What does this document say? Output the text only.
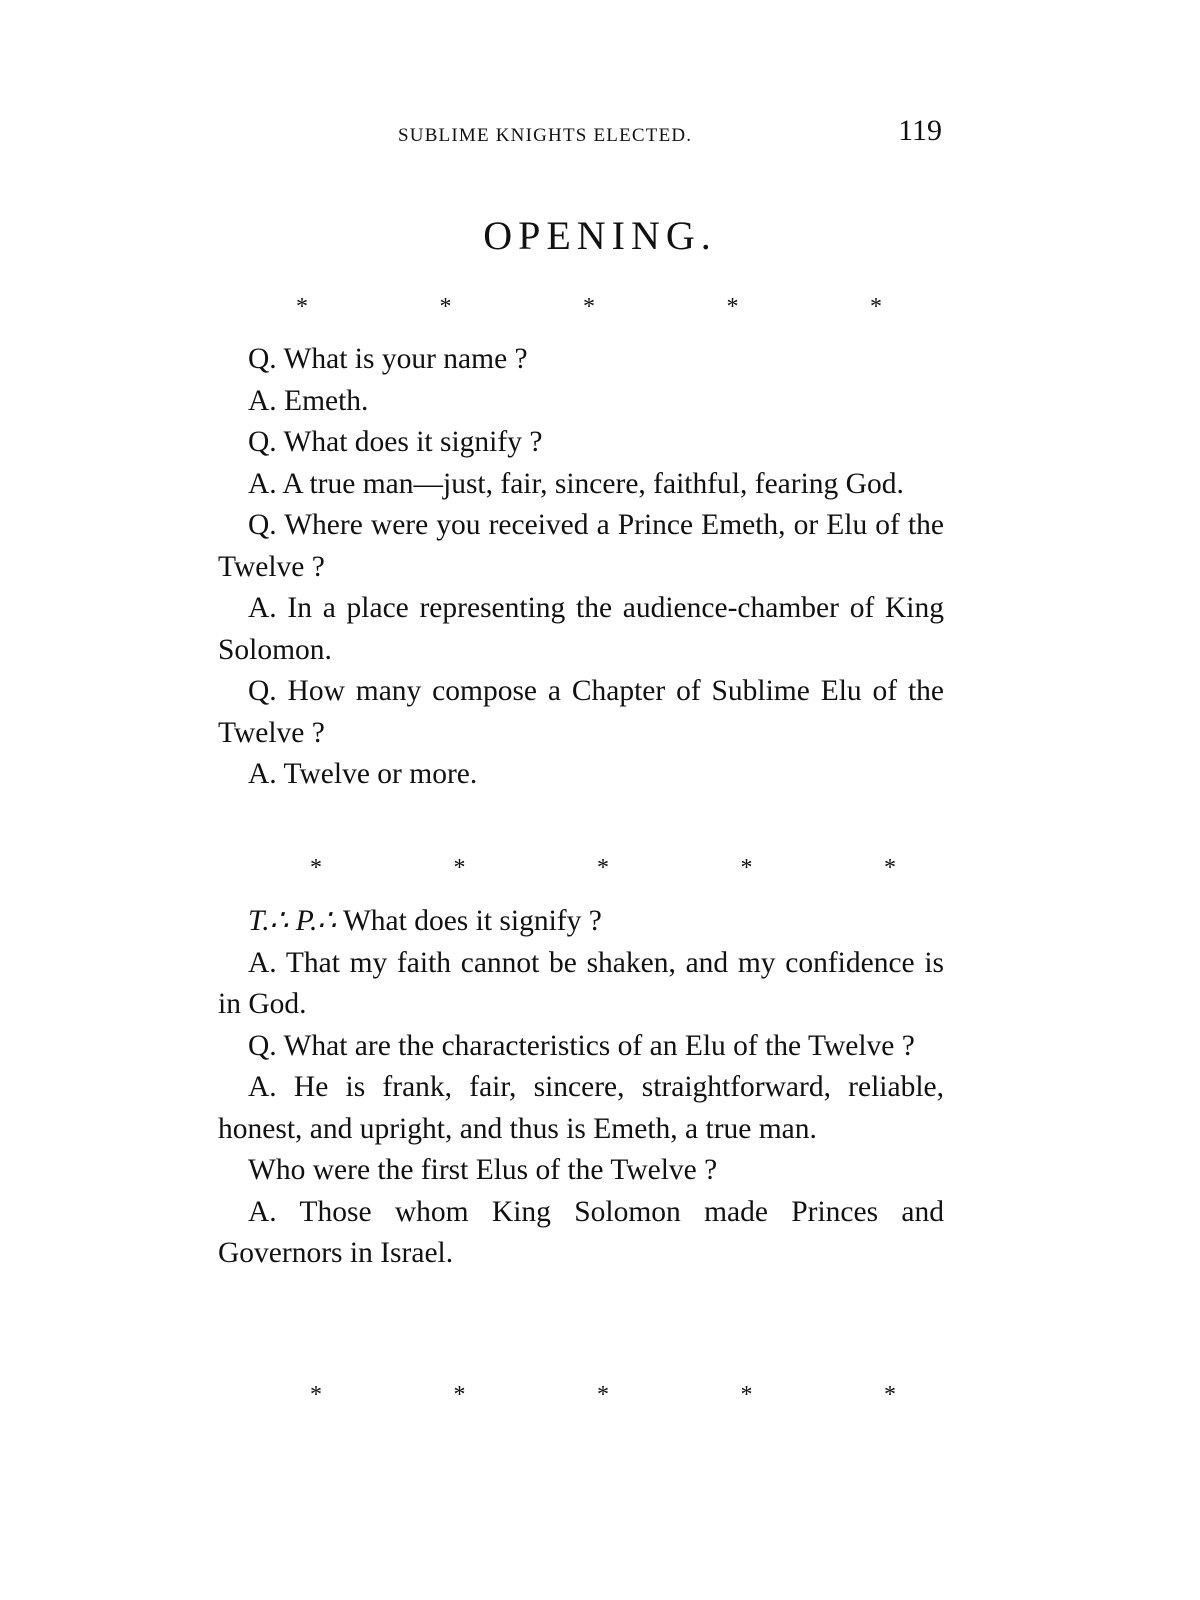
SUBLIME KNIGHTS ELECTED.	119
OPENING.
*	*	*	*	*

Q. What is your name ?

A. Emeth.

Q. What does it signify ?

A. A true man—just, fair, sincere, faithful, fearing God.

Q. Where were you received a Prince Emeth, or Elu of the Twelve ?

A. In a place representing the audience-chamber of King Solomon.

Q. How many compose a Chapter of Sublime Elu of the Twelve ?

A. Twelve or more.

*	*	*	*	*

T.∴ P.∴ What does it signify ?

A. That my faith cannot be shaken, and my confidence is in God.

Q. What are the characteristics of an Elu of the Twelve ?

A. He is frank, fair, sincere, straightforward, reliable, honest, and upright, and thus is Emeth, a true man.

Who were the first Elus of the Twelve ?

A. Those whom King Solomon made Princes and Governors in Israel.

*	*	*	*	*
